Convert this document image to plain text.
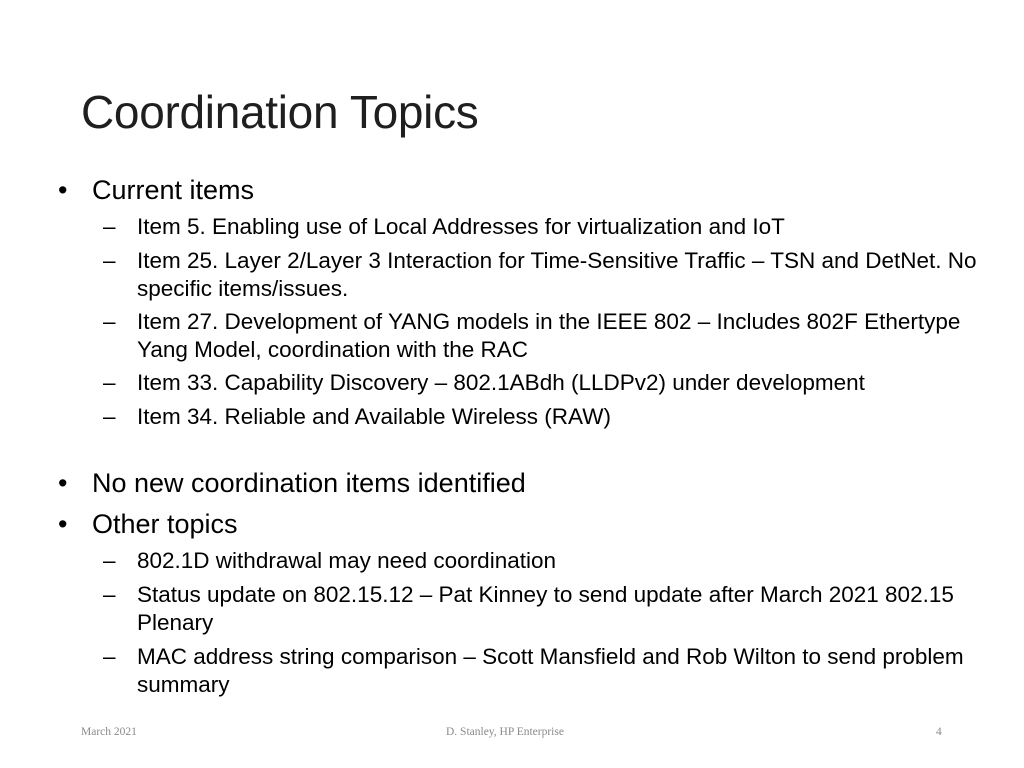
Coordination Topics
• Current items
– Item 5. Enabling use of Local Addresses for virtualization and IoT
– Item 25. Layer 2/Layer 3 Interaction for Time-Sensitive Traffic – TSN and DetNet. No specific items/issues.
– Item 27. Development of YANG models in the IEEE 802 – Includes 802F Ethertype Yang Model, coordination with the RAC
– Item 33. Capability Discovery – 802.1ABdh (LLDPv2) under development
– Item 34. Reliable and Available Wireless (RAW)
• No new coordination items identified
• Other topics
– 802.1D withdrawal may need coordination
– Status update on 802.15.12 – Pat Kinney to send update after March 2021 802.15 Plenary
– MAC address string comparison – Scott Mansfield and Rob Wilton to send problem summary
March 2021	D. Stanley, HP Enterprise	4
